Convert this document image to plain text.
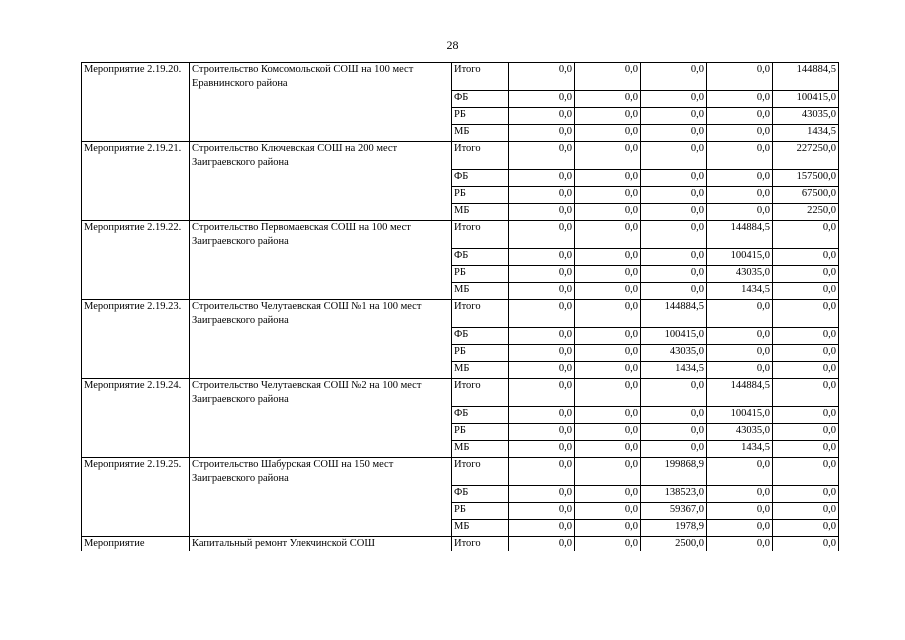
28
Мероприятие 2.19.20.	Строительство Комсомольской СОШ на 100 мест Еравнинского района	Итого	0,0	0,0	0,0	0,0	144884,5
		ФБ	0,0	0,0	0,0	0,0	100415,0
		РБ	0,0	0,0	0,0	0,0	43035,0
		МБ	0,0	0,0	0,0	0,0	1434,5
Мероприятие 2.19.21.	Строительство Ключевская СОШ на 200 мест Заиграевского района	Итого	0,0	0,0	0,0	0,0	227250,0
		ФБ	0,0	0,0	0,0	0,0	157500,0
		РБ	0,0	0,0	0,0	0,0	67500,0
		МБ	0,0	0,0	0,0	0,0	2250,0
Мероприятие 2.19.22.	Строительство Первомаевская СОШ на 100 мест Заиграевского района	Итого	0,0	0,0	0,0	144884,5	0,0
		ФБ	0,0	0,0	0,0	100415,0	0,0
		РБ	0,0	0,0	0,0	43035,0	0,0
		МБ	0,0	0,0	0,0	1434,5	0,0
Мероприятие 2.19.23.	Строительство Челутаевская СОШ №1 на 100 мест Заиграевского района	Итого	0,0	0,0	144884,5	0,0	0,0
		ФБ	0,0	0,0	100415,0	0,0	0,0
		РБ	0,0	0,0	43035,0	0,0	0,0
		МБ	0,0	0,0	1434,5	0,0	0,0
Мероприятие 2.19.24.	Строительство Челутаевская СОШ №2 на 100 мест Заиграевского района	Итого	0,0	0,0	0,0	144884,5	0,0
		ФБ	0,0	0,0	0,0	100415,0	0,0
		РБ	0,0	0,0	0,0	43035,0	0,0
		МБ	0,0	0,0	0,0	1434,5	0,0
Мероприятие 2.19.25.	Строительство Шабурская СОШ на 150 мест Заиграевского района	Итого	0,0	0,0	199868,9	0,0	0,0
		ФБ	0,0	0,0	138523,0	0,0	0,0
		РБ	0,0	0,0	59367,0	0,0	0,0
		МБ	0,0	0,0	1978,9	0,0	0,0
Мероприятие	Капитальный ремонт Улекчинской СОШ	Итого	0,0	0,0	2500,0	0,0	0,0
